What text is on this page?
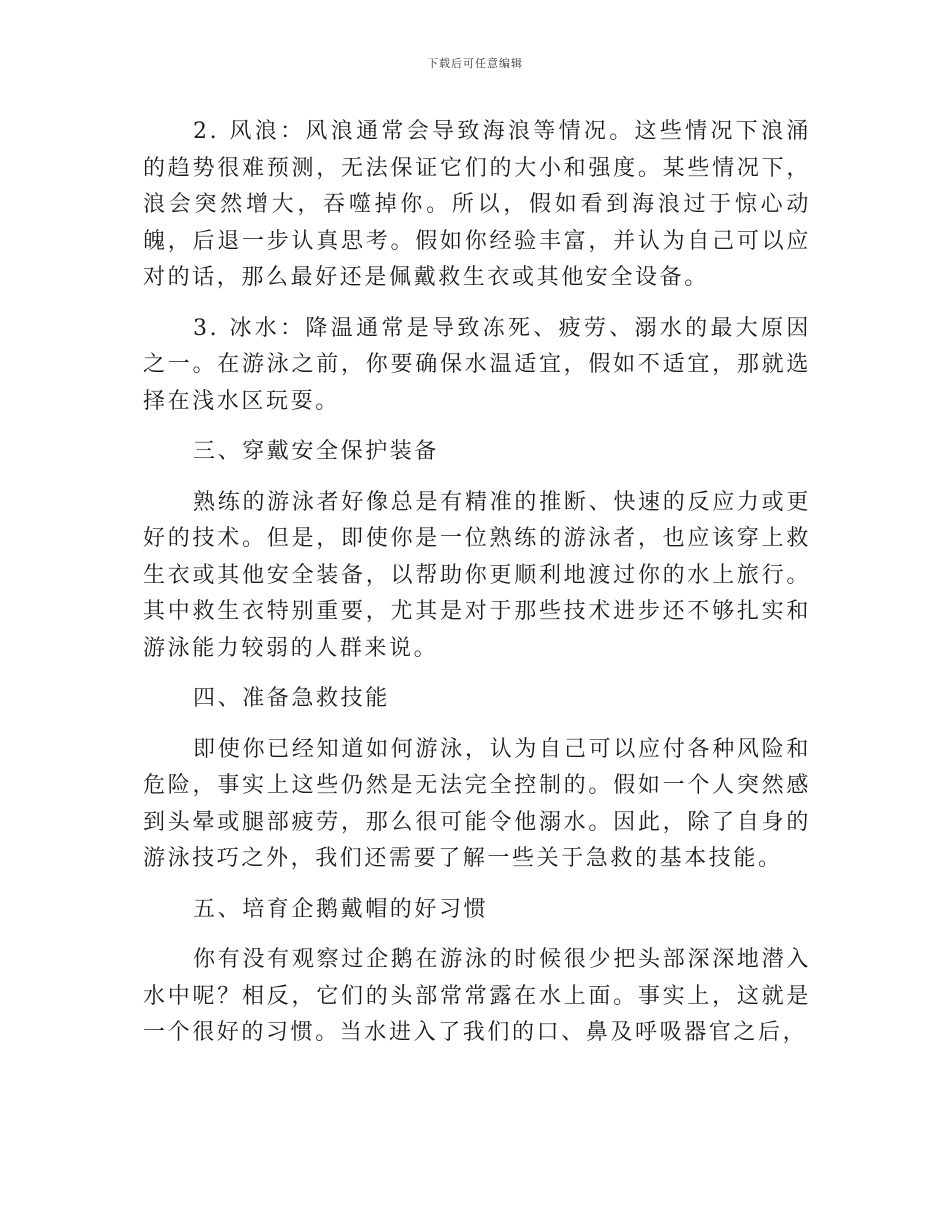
下载后可任意编辑

2. 风浪：风浪通常会导致海浪等情况。这些情况下浪涌的趋势很难预测，无法保证它们的大小和强度。某些情况下，浪会突然增大，吞噬掉你。所以，假如看到海浪过于惊心动魄，后退一步认真思考。假如你经验丰富，并认为自己可以应对的话，那么最好还是佩戴救生衣或其他安全设备。

3. 冰水：降温通常是导致冻死、疲劳、溺水的最大原因之一。在游泳之前，你要确保水温适宜，假如不适宜，那就选择在浅水区玩耍。

三、穿戴安全保护装备

熟练的游泳者好像总是有精准的推断、快速的反应力或更好的技术。但是，即使你是一位熟练的游泳者，也应该穿上救生衣或其他安全装备，以帮助你更顺利地渡过你的水上旅行。其中救生衣特别重要，尤其是对于那些技术进步还不够扎实和游泳能力较弱的人群来说。

四、准备急救技能

即使你已经知道如何游泳，认为自己可以应付各种风险和危险，事实上这些仍然是无法完全控制的。假如一个人突然感到头晕或腿部疲劳，那么很可能令他溺水。因此，除了自身的游泳技巧之外，我们还需要了解一些关于急救的基本技能。

五、培育企鹅戴帽的好习惯

你有没有观察过企鹅在游泳的时候很少把头部深深地潜入水中呢？相反，它们的头部常常露在水上面。事实上，这就是一个很好的习惯。当水进入了我们的口、鼻及呼吸器官之后，
